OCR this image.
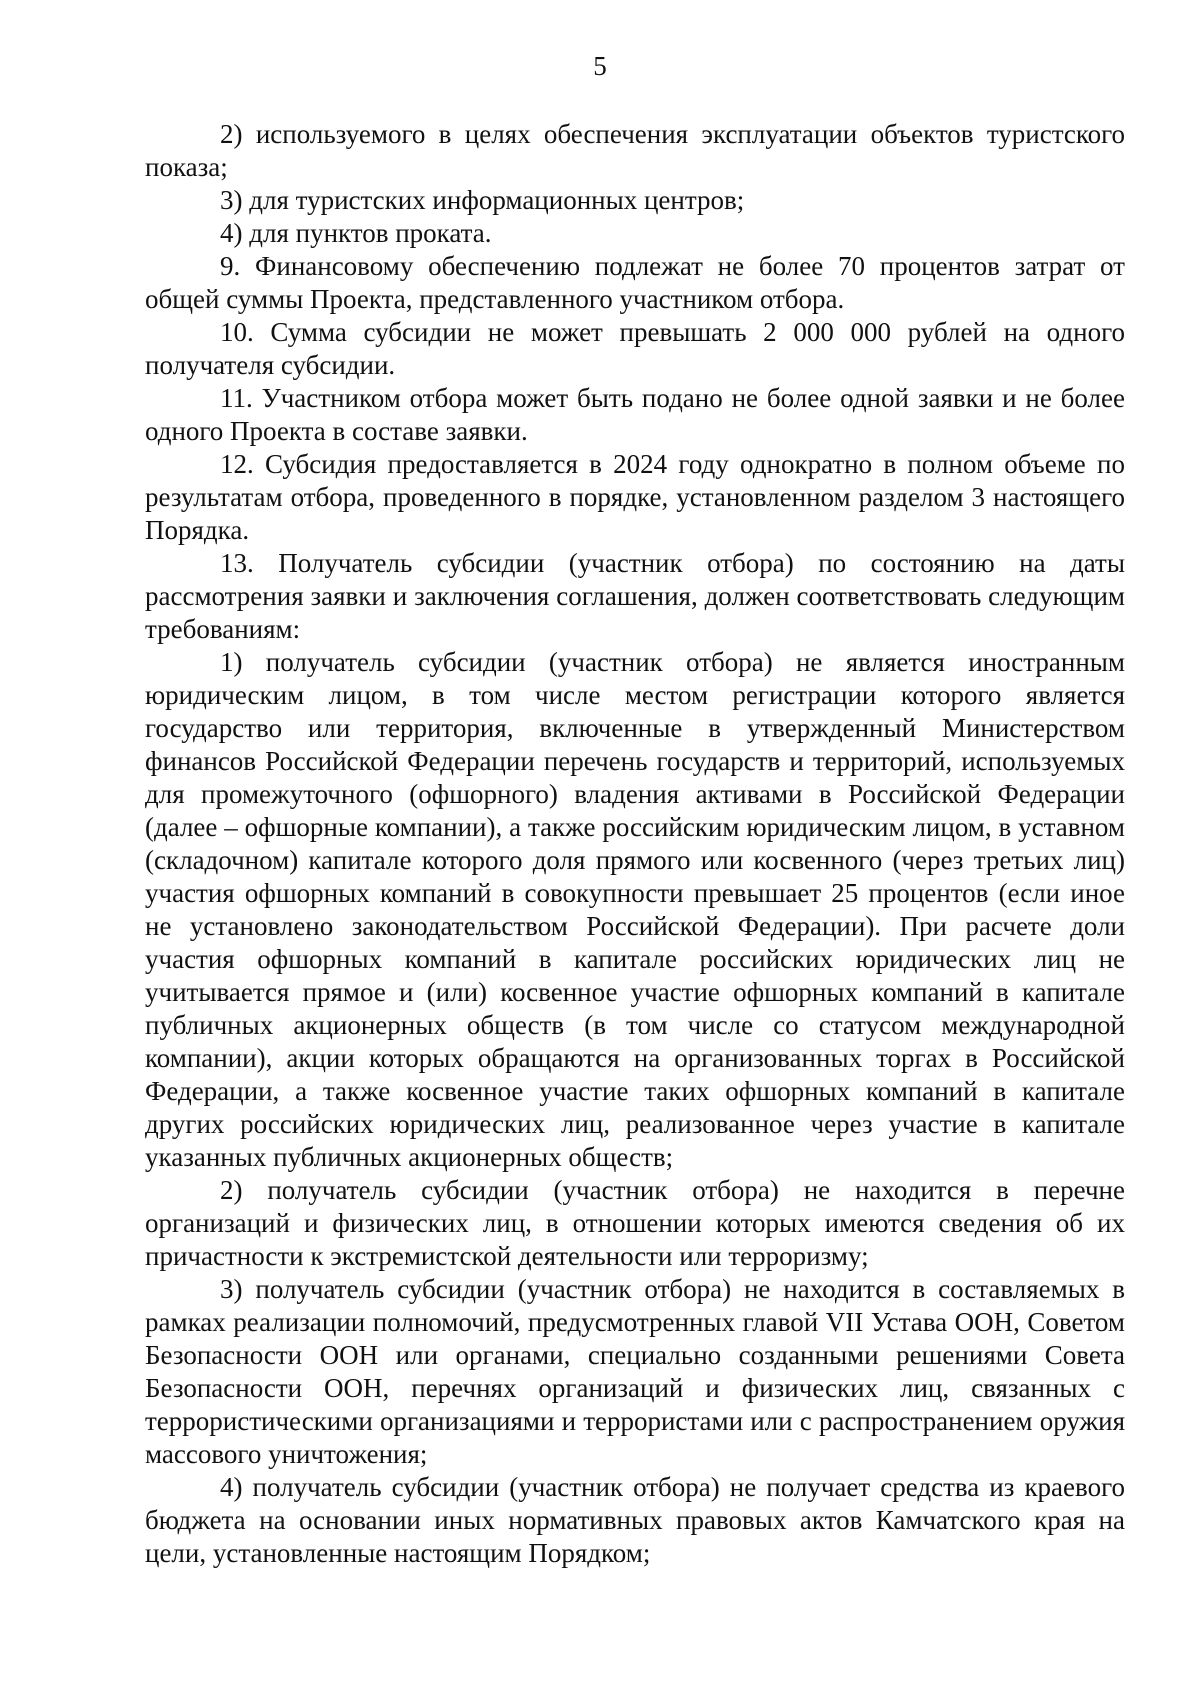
5

2) используемого в целях обеспечения эксплуатации объектов туристского показа;

3) для туристских информационных центров;

4) для пунктов проката.

9. Финансовому обеспечению подлежат не более 70 процентов затрат от общей суммы Проекта, представленного участником отбора.

10. Сумма субсидии не может превышать 2 000 000 рублей на одного получателя субсидии.

11. Участником отбора может быть подано не более одной заявки и не более одного Проекта в составе заявки.

12. Субсидия предоставляется в 2024 году однократно в полном объеме по результатам отбора, проведенного в порядке, установленном разделом 3 настоящего Порядка.

13. Получатель субсидии (участник отбора) по состоянию на даты рассмотрения заявки и заключения соглашения, должен соответствовать следующим требованиям:

1) получатель субсидии (участник отбора) не является иностранным юридическим лицом, в том числе местом регистрации которого является государство или территория, включенные в утвержденный Министерством финансов Российской Федерации перечень государств и территорий, используемых для промежуточного (офшорного) владения активами в Российской Федерации (далее – офшорные компании), а также российским юридическим лицом, в уставном (складочном) капитале которого доля прямого или косвенного (через третьих лиц) участия офшорных компаний в совокупности превышает 25 процентов (если иное не установлено законодательством Российской Федерации). При расчете доли участия офшорных компаний в капитале российских юридических лиц не учитывается прямое и (или) косвенное участие офшорных компаний в капитале публичных акционерных обществ (в том числе со статусом международной компании), акции которых обращаются на организованных торгах в Российской Федерации, а также косвенное участие таких офшорных компаний в капитале других российских юридических лиц, реализованное через участие в капитале указанных публичных акционерных обществ;

2) получатель субсидии (участник отбора) не находится в перечне организаций и физических лиц, в отношении которых имеются сведения об их причастности к экстремистской деятельности или терроризму;

3) получатель субсидии (участник отбора) не находится в составляемых в рамках реализации полномочий, предусмотренных главой VII Устава ООН, Советом Безопасности ООН или органами, специально созданными решениями Совета Безопасности ООН, перечнях организаций и физических лиц, связанных с террористическими организациями и террористами или с распространением оружия массового уничтожения;

4) получатель субсидии (участник отбора) не получает средства из краевого бюджета на основании иных нормативных правовых актов Камчатского края на цели, установленные настоящим Порядком;
